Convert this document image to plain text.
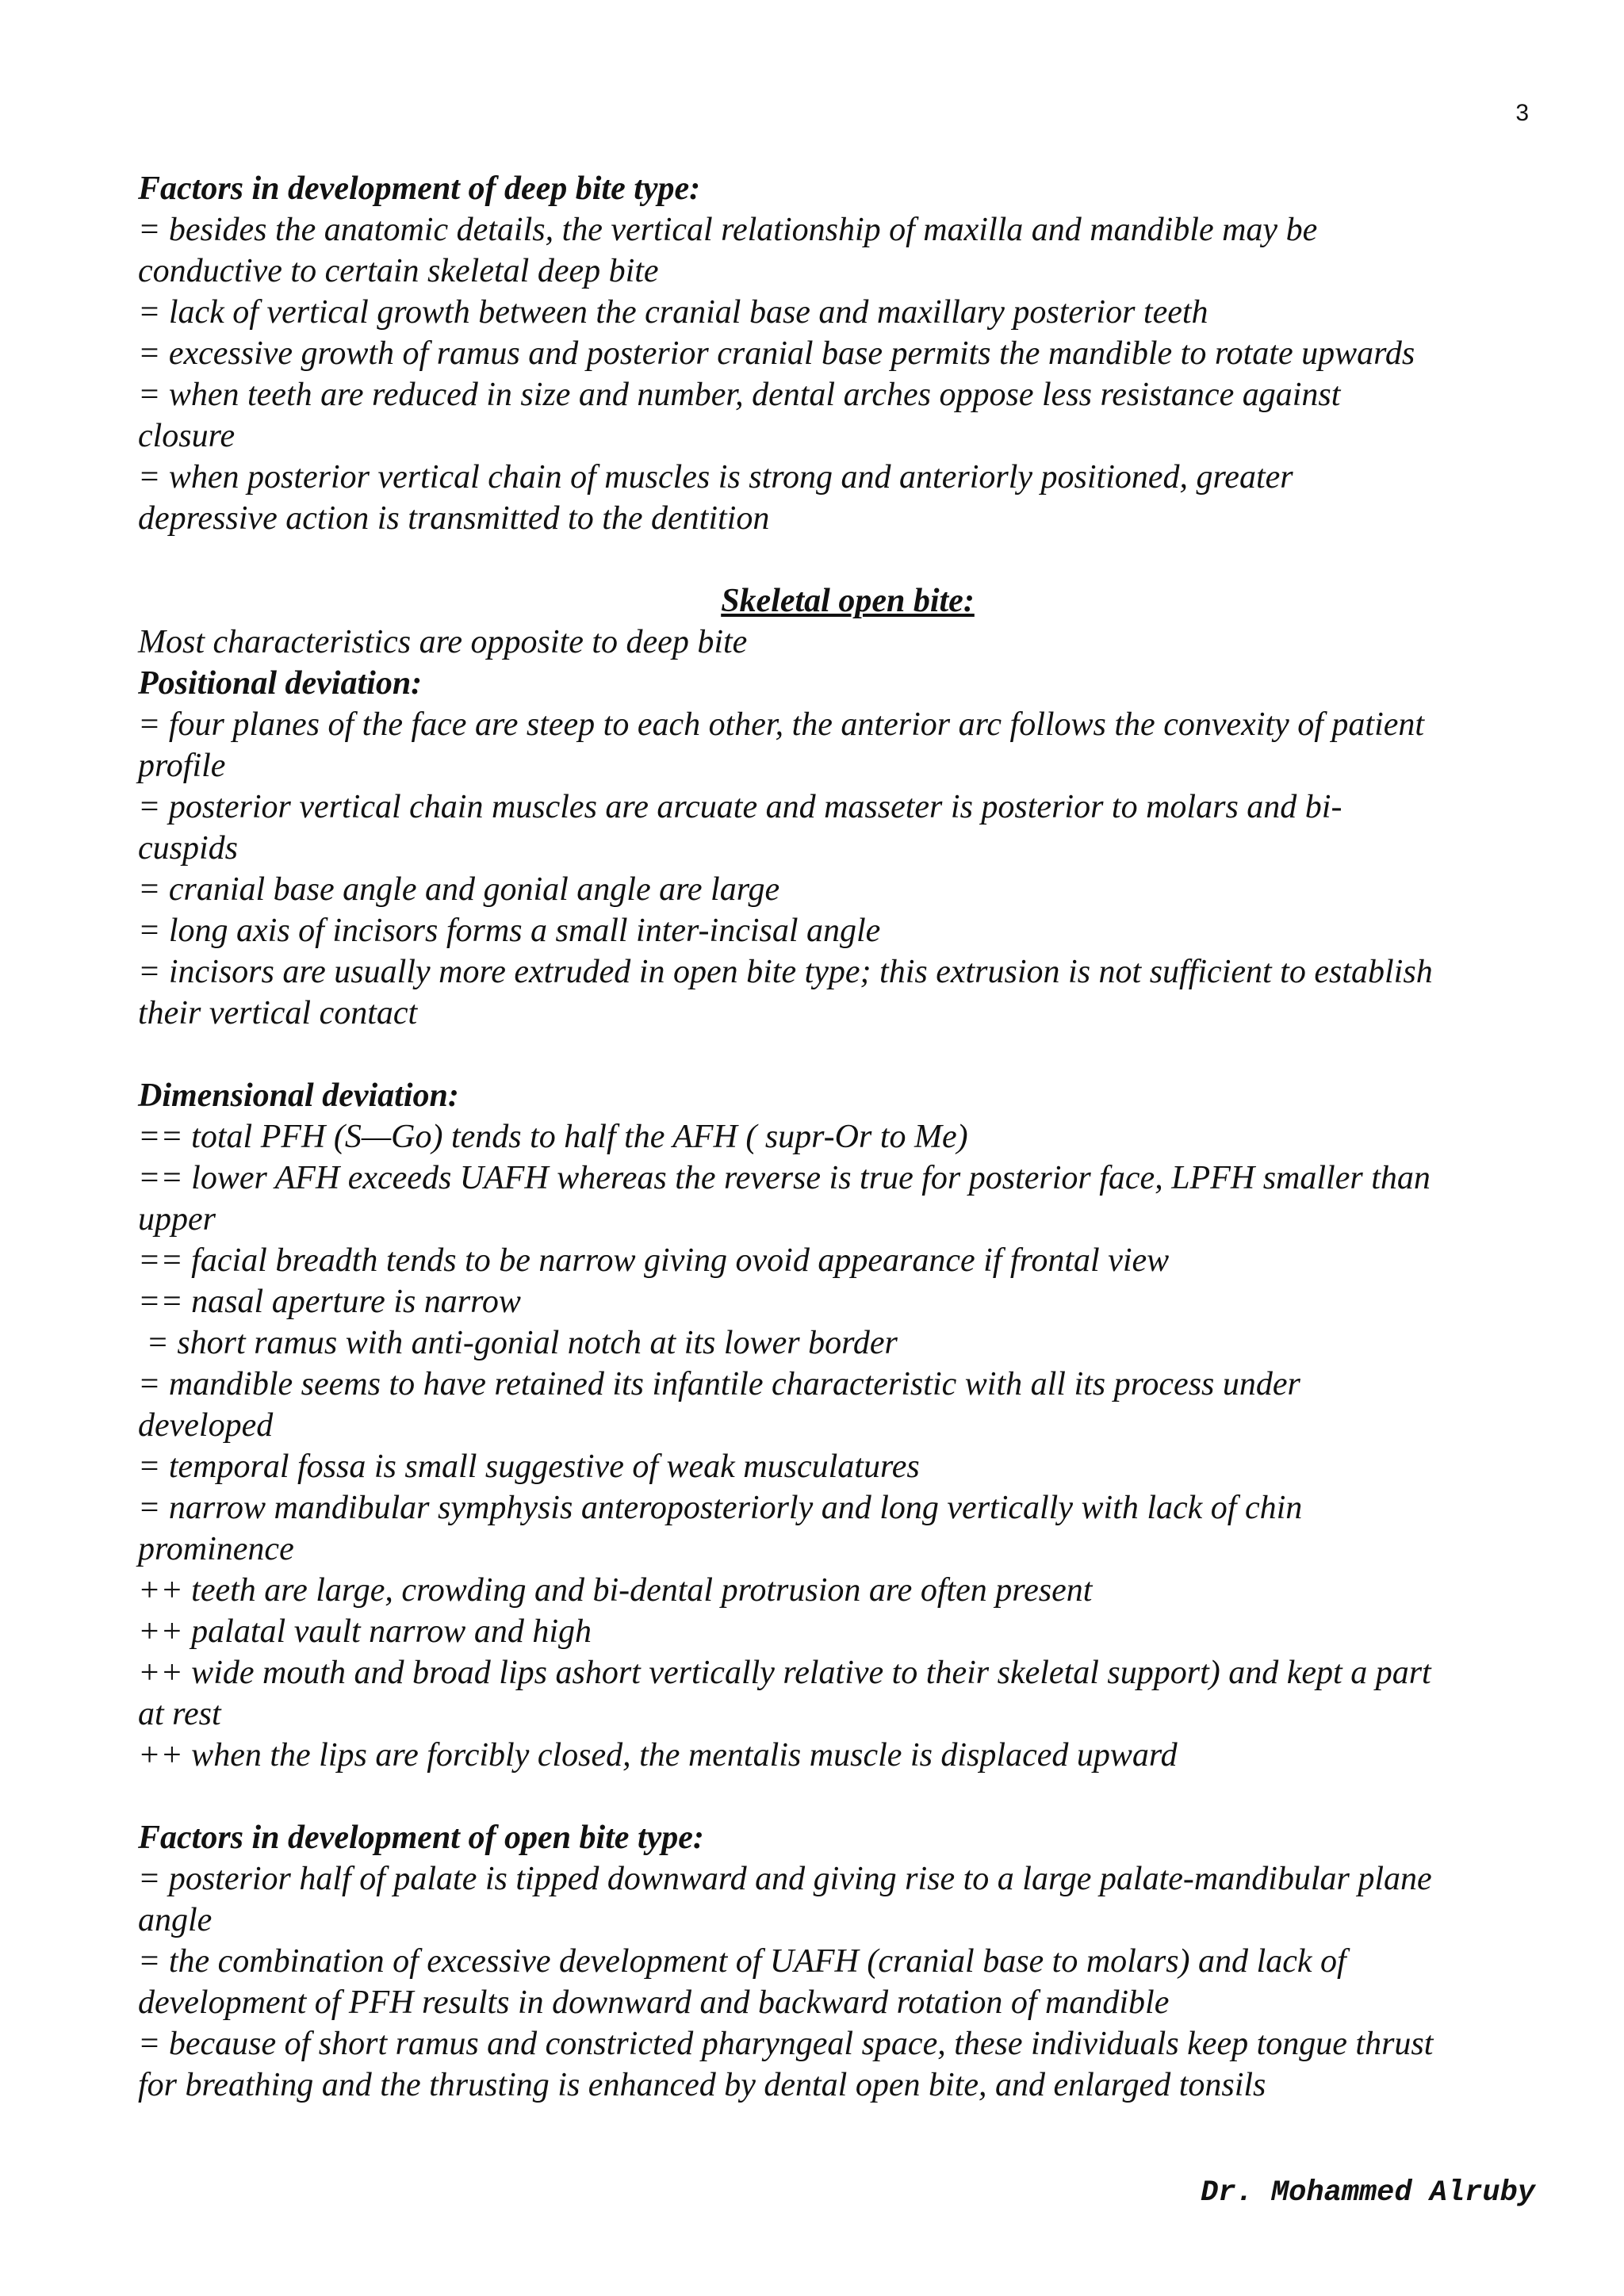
3

Factors in development of deep bite type:

= besides the anatomic details, the vertical relationship of maxilla and mandible may be

conductive to certain skeletal deep bite

= lack of vertical growth between the cranial base and maxillary posterior teeth

= excessive growth of ramus and posterior cranial base permits the mandible to rotate upwards

= when teeth are reduced in size and number, dental arches oppose less resistance against

closure

= when posterior vertical chain of muscles is strong and anteriorly positioned, greater

depressive action is transmitted to the dentition

Skeletal open bite:

Most characteristics are opposite to deep bite

Positional deviation:

= four planes of the face are steep to each other, the anterior arc follows the convexity of patient

profile

= posterior vertical chain muscles are arcuate and masseter is posterior to molars and bi-

cuspids

= cranial base angle and gonial angle are large

= long axis of incisors forms a small inter-incisal angle

= incisors are usually more extruded in open bite type; this extrusion is not sufficient to establish

their vertical contact

Dimensional deviation:

== total PFH (S—Go) tends to half the AFH ( supr-Or to Me)

== lower AFH exceeds UAFH whereas the reverse is true for posterior face, LPFH smaller than

upper

== facial breadth tends to be narrow giving ovoid appearance if frontal view

== nasal aperture is narrow

= short ramus with anti-gonial notch at its lower border

= mandible seems to have retained its infantile characteristic with all its process under

developed

= temporal fossa is small suggestive of weak musculatures

= narrow mandibular symphysis anteroposteriorly and long vertically with lack of chin

prominence

++ teeth are large, crowding and bi-dental protrusion are often present

++ palatal vault narrow and high

++ wide mouth and broad lips ashort vertically relative to their skeletal support) and kept a part

at rest

++ when the lips are forcibly closed, the mentalis muscle is displaced upward

Factors in development of open bite type:

= posterior half of palate is tipped downward and giving rise to a large palate-mandibular plane

angle

= the combination of excessive development of UAFH (cranial base to molars) and lack of

development of PFH results in downward and backward rotation of mandible

= because of short ramus and constricted pharyngeal space, these individuals keep tongue thrust

for breathing and the thrusting is enhanced by dental open bite, and enlarged tonsils

Dr. Mohammed Alruby
